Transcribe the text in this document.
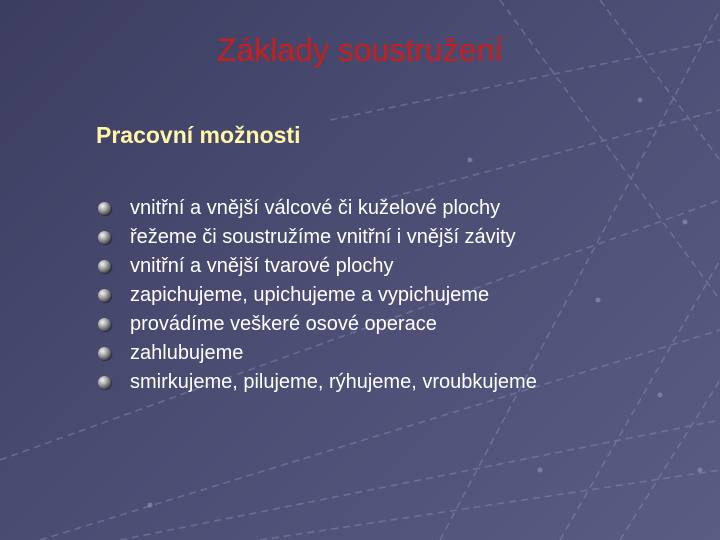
Základy soustružení
Pracovní možnosti
vnitřní a vnější válcové či kuželové plochy
řežeme či soustružíme vnitřní i vnější závity
vnitřní a vnější tvarové plochy
zapichujeme, upichujeme a vypichujeme
provádíme veškeré osové operace
zahlubujeme
smirkujeme, pilujeme, rýhujeme, vroubkujeme
